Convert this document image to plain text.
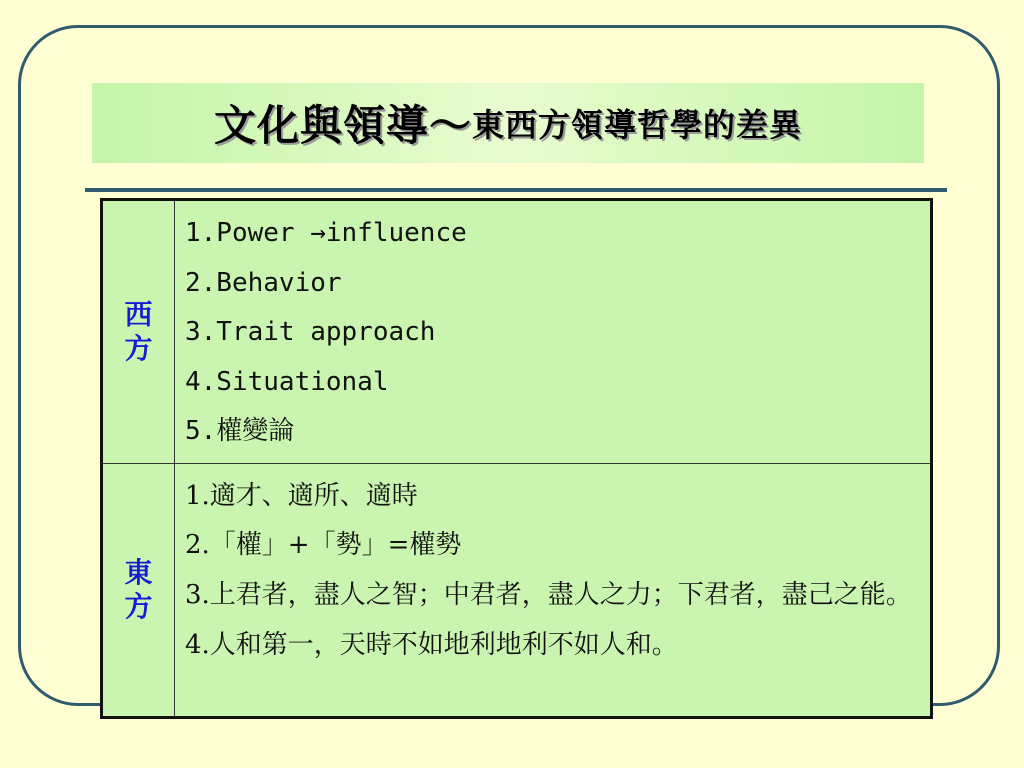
文化與領導～ 東西方領導哲學的差異
西方	1.Power →influence

2.Behavior

3.Trait approach

4.Situational

5.權變論

東方	1.適才、適所、適時

2.「權」+「勢」=權勢

3.上君者，盡人之智；中君者，盡人之力；下君者，盡己之能。

4.人和第一，天時不如地利地利不如人和。
